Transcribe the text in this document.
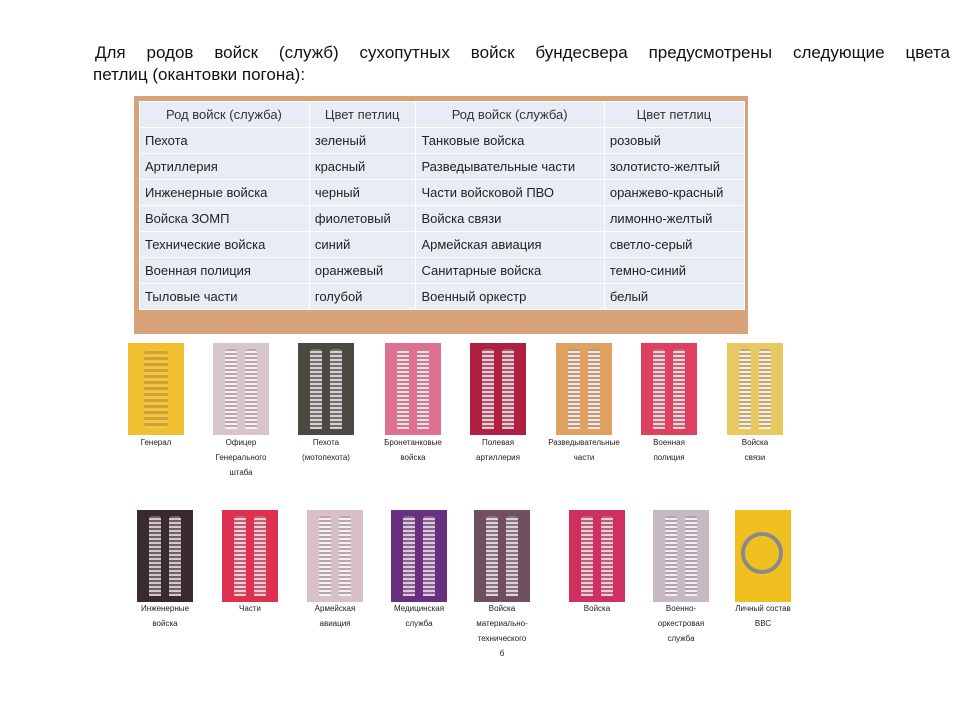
Для родов войск (служб) сухопутных войск бундесвера предусмотрены следующие цвета
петлиц (окантовки погона):
Род войск (служба)	Цвет петлиц	Род войск (служба)	Цвет петлиц
Пехота	зеленый	Танковые войска	розовый
Артиллерия	красный	Разведывательные части	золотисто-желтый
Инженерные войска	черный	Части войсковой ПВО	оранжево-красный
Войска ЗОМП	фиолетовый	Войска связи	лимонно-желтый
Технические войска	синий	Армейская авиация	светло-серый
Военная полиция	оранжевый	Санитарные войска	темно-синий
Тыловые части	голубой	Военный оркестр	белый
Генерал	Офицер
Генерального
штаба
Пехота
(мотопехота)
Бронетанковые
войска
Полевая
артиллерия
Разведывательные
части
Военная
полиция
Войска
связи
Инженерные
войска
Части	Армейская
авиация
Медицинская
служба
Войска
материально-
технического
б
Войска	Военно-
оркестровая
служба
Личный состав
ВВС
